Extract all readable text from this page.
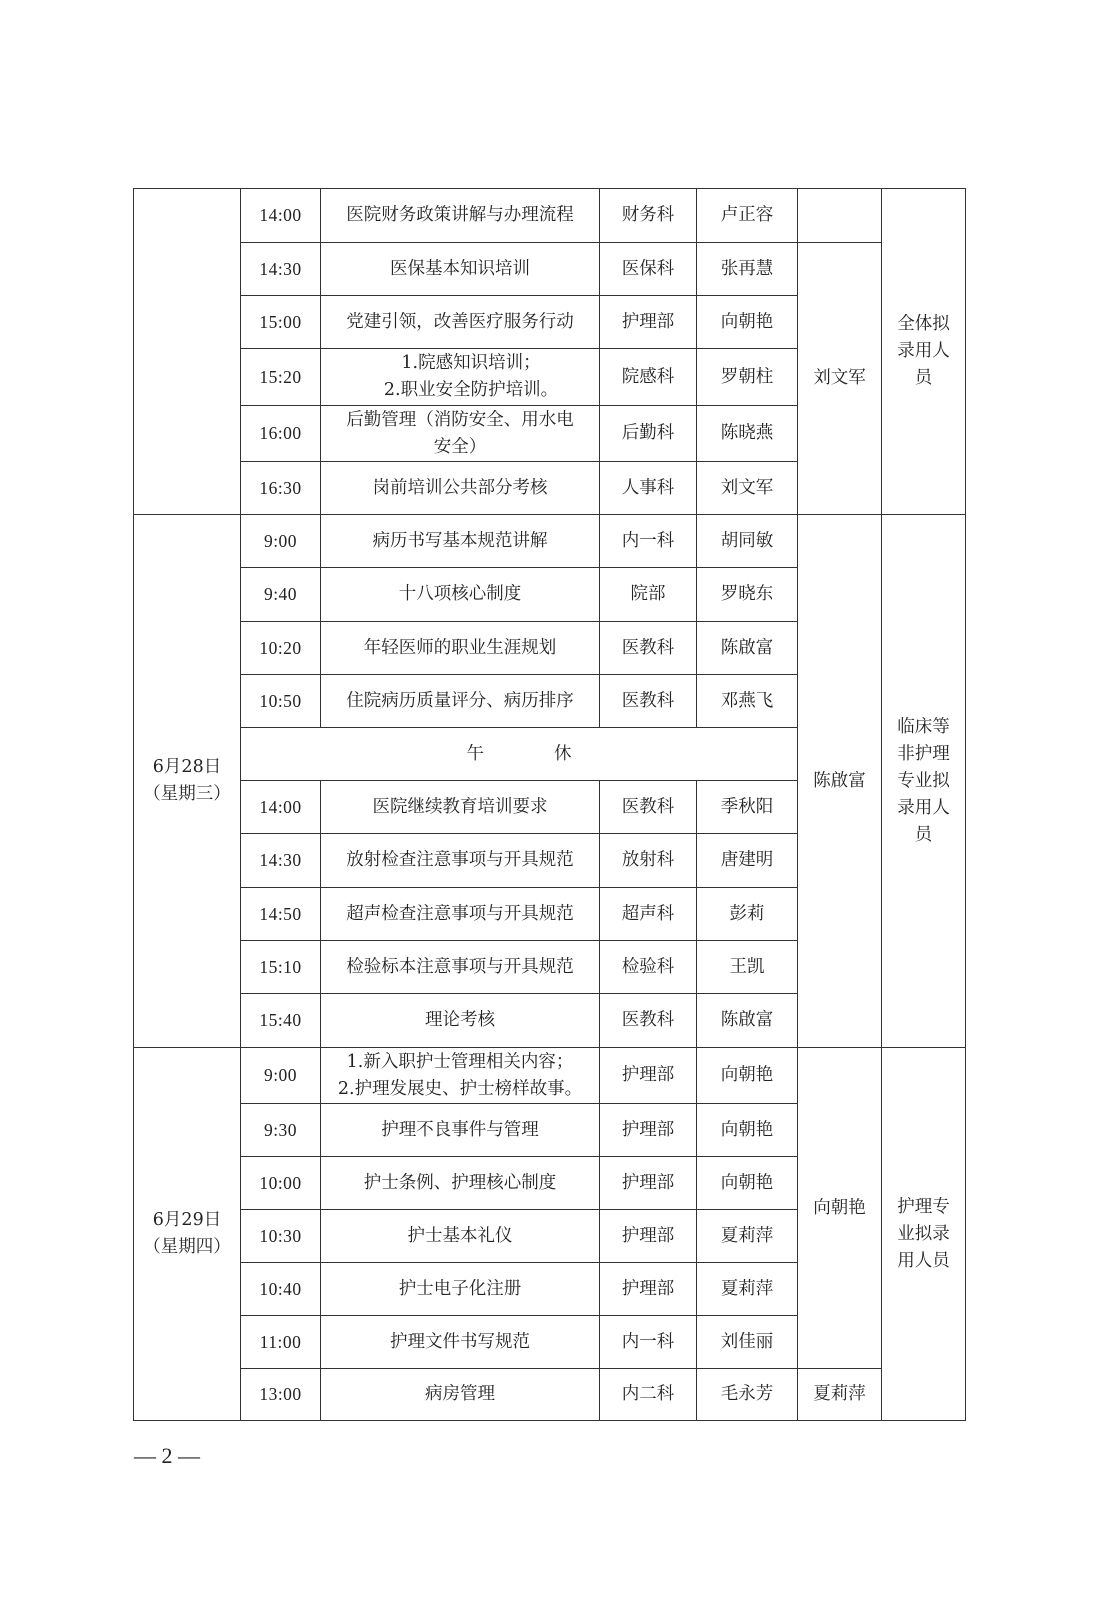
	14:00	医院财务政策讲解与办理流程	财务科	卢正容		全体拟
录用人
员
	14:30	医保基本知识培训	医保科	张再慧	刘文军	
	15:00	党建引领，改善医疗服务行动	护理部	向朝艳		
	15:20	1.院感知识培训；
2.职业安全防护培训。	院感科	罗朝柱		
	16:00	后勤管理（消防安全、用水电
安全）	后勤科	陈晓燕		
	16:30	岗前培训公共部分考核	人事科	刘文军		
6月28日
（星期三）	9:00	病历书写基本规范讲解	内一科	胡同敏	陈啟富	临床等
非护理
专业拟
录用人
员
	9:40	十八项核心制度	院部	罗晓东		
	10:20	年轻医师的职业生涯规划	医教科	陈啟富		
	10:50	住院病历质量评分、病历排序	医教科	邓燕飞		
	午 休					
	14:00	医院继续教育培训要求	医教科	季秋阳		
	14:30	放射检查注意事项与开具规范	放射科	唐建明		
	14:50	超声检查注意事项与开具规范	超声科	彭莉		
	15:10	检验标本注意事项与开具规范	检验科	王凯		
	15:40	理论考核	医教科	陈啟富		
6月29日
（星期四）	9:00	1.新入职护士管理相关内容；
2.护理发展史、护士榜样故事。	护理部	向朝艳	向朝艳	护理专
业拟录
用人员
	9:30	护理不良事件与管理	护理部	向朝艳		
	10:00	护士条例、护理核心制度	护理部	向朝艳		
	10:30	护士基本礼仪	护理部	夏莉萍		
	10:40	护士电子化注册	护理部	夏莉萍		
	11:00	护理文件书写规范	内一科	刘佳丽		
	13:00	病房管理	内二科	毛永芳	夏莉萍	
— 2 —
